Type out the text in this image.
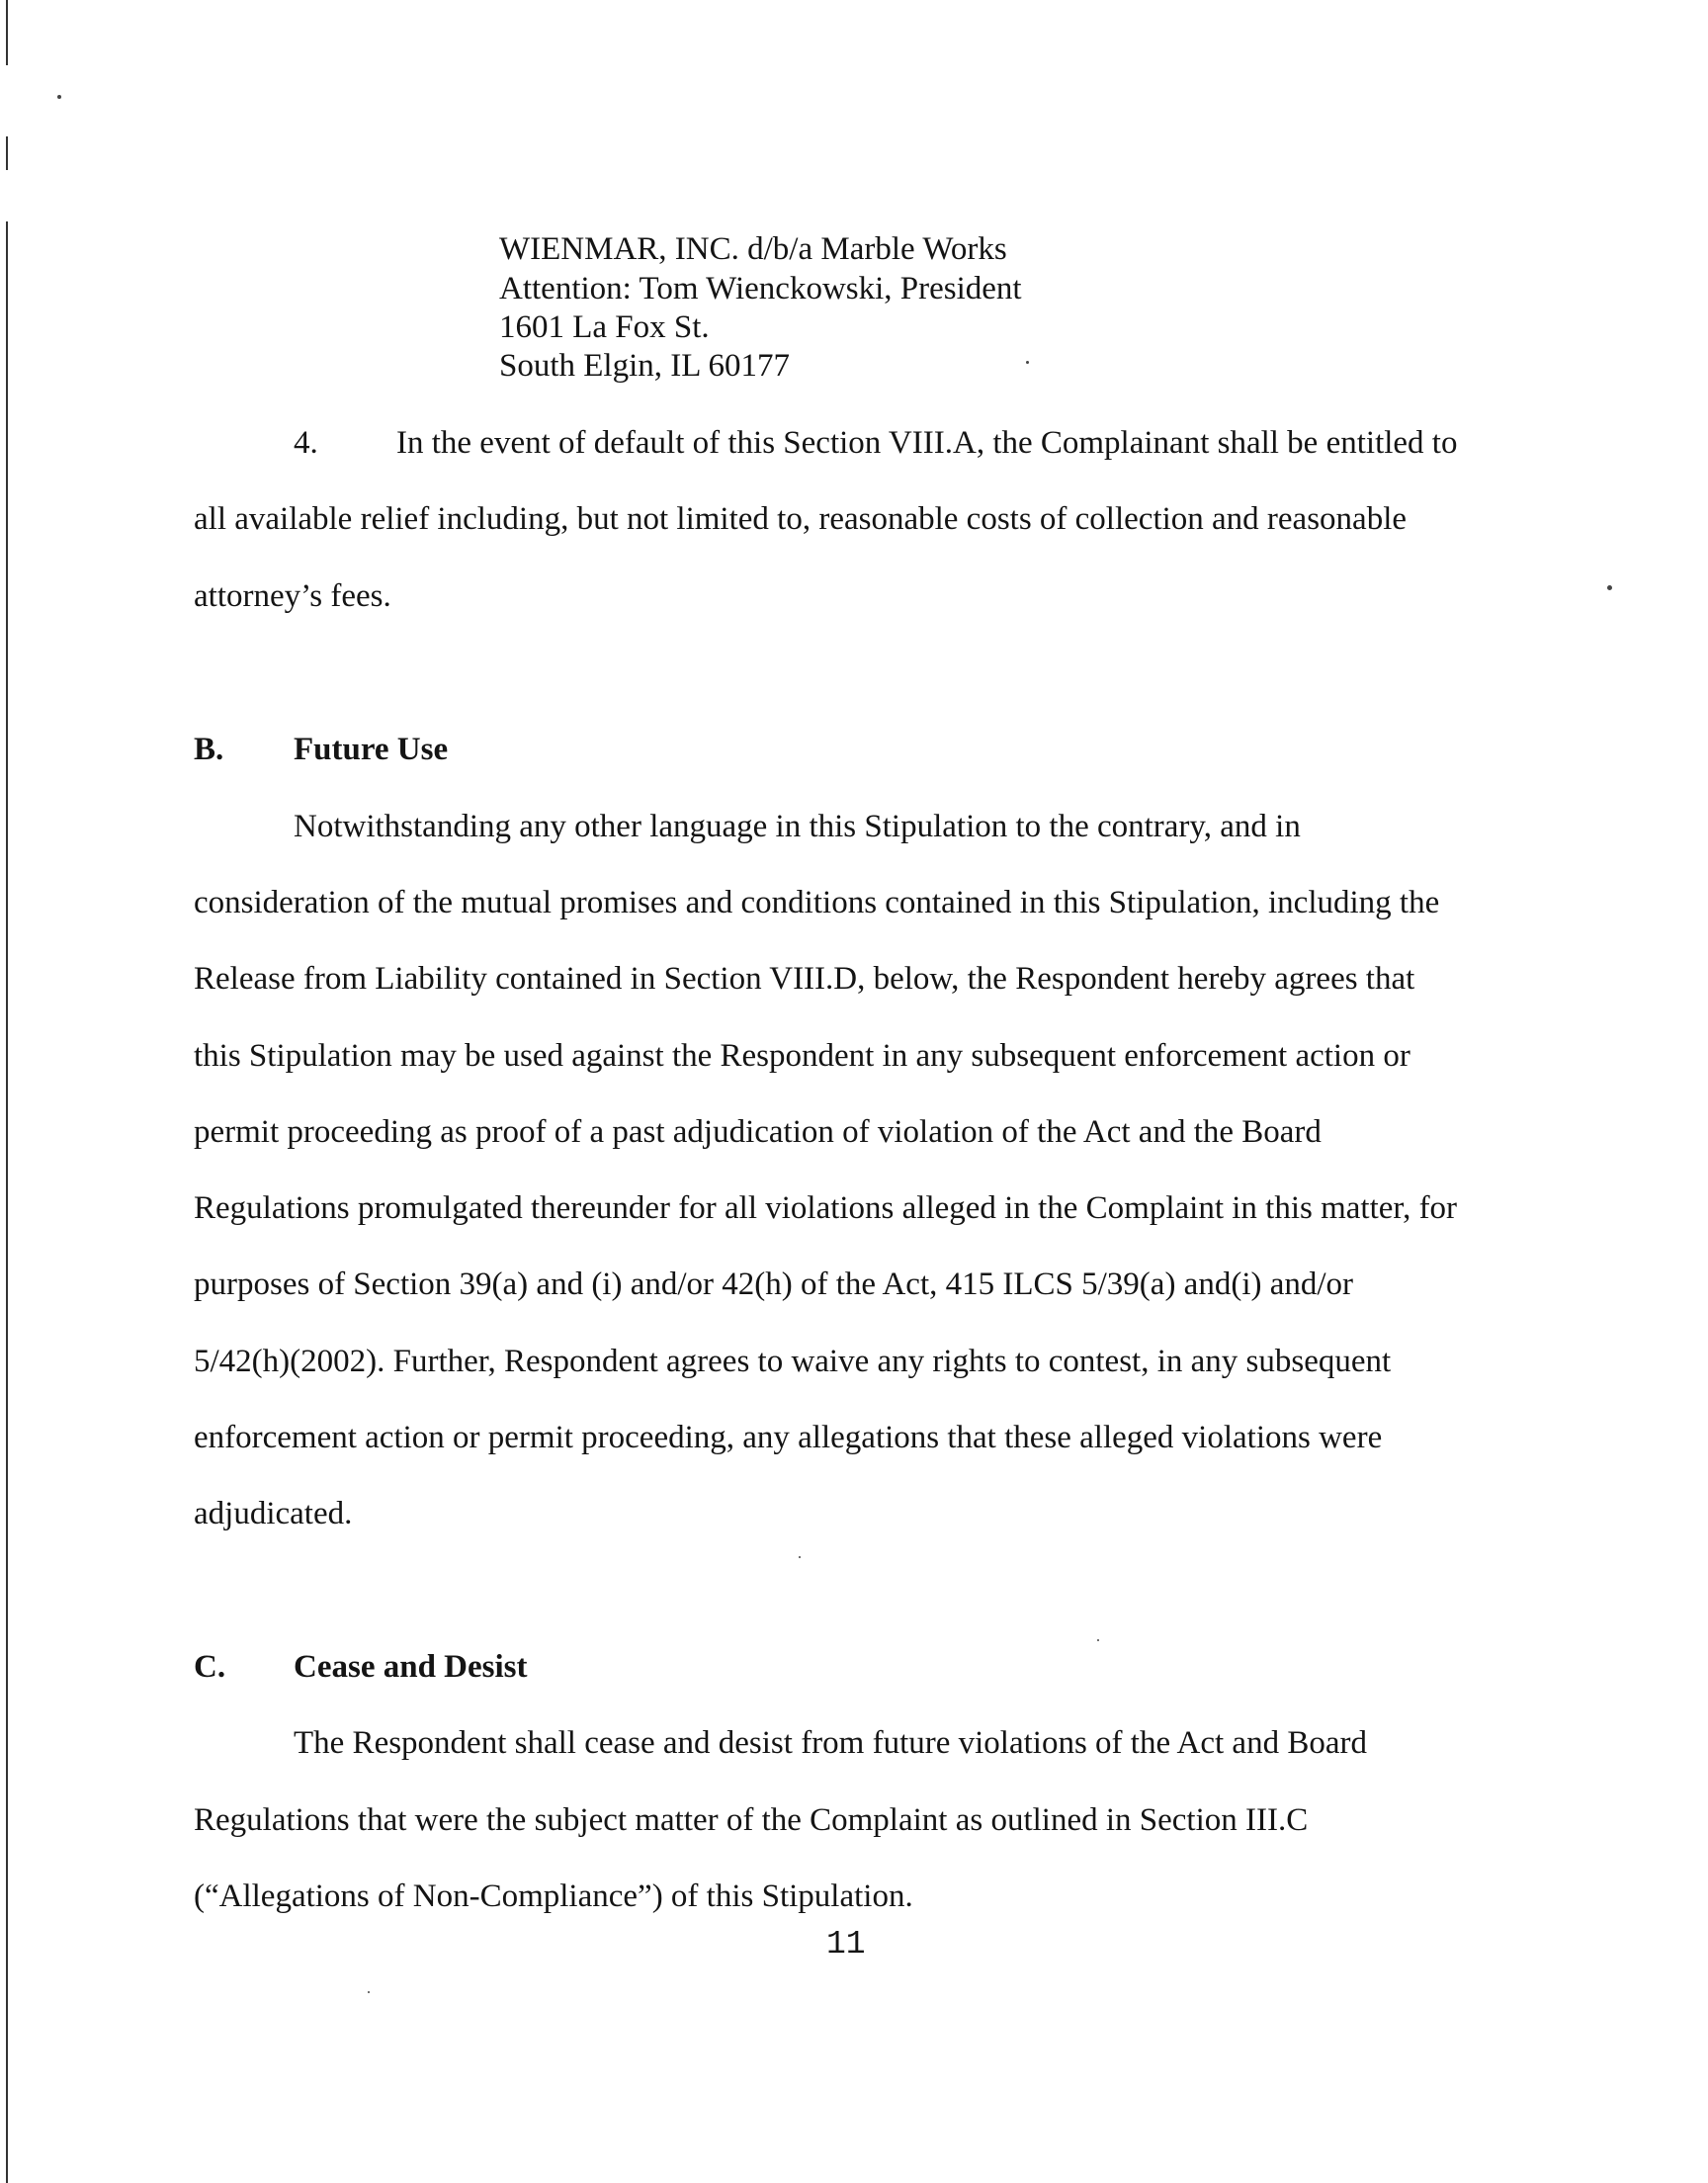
WIENMAR, INC. d/b/a Marble Works
Attention: Tom Wienckowski, President
1601 La Fox St.
South Elgin, IL 60177
4. In the event of default of this Section VIII.A, the Complainant shall be entitled to
all available relief including, but not limited to, reasonable costs of collection and reasonable
attorney’s fees.
B. Future Use
Notwithstanding any other language in this Stipulation to the contrary, and in
consideration of the mutual promises and conditions contained in this Stipulation, including the
Release from Liability contained in Section VIII.D, below, the Respondent hereby agrees that
this Stipulation may be used against the Respondent in any subsequent enforcement action or
permit proceeding as proof of a past adjudication of violation of the Act and the Board
Regulations promulgated thereunder for all violations alleged in the Complaint in this matter, for
purposes of Section 39(a) and (i) and/or 42(h) of the Act, 415 ILCS 5/39(a) and(i) and/or
5/42(h)(2002). Further, Respondent agrees to waive any rights to contest, in any subsequent
enforcement action or permit proceeding, any allegations that these alleged violations were
adjudicated.
C. Cease and Desist
The Respondent shall cease and desist from future violations of the Act and Board
Regulations that were the subject matter of the Complaint as outlined in Section III.C
(“Allegations of Non-Compliance”) of this Stipulation.
11
